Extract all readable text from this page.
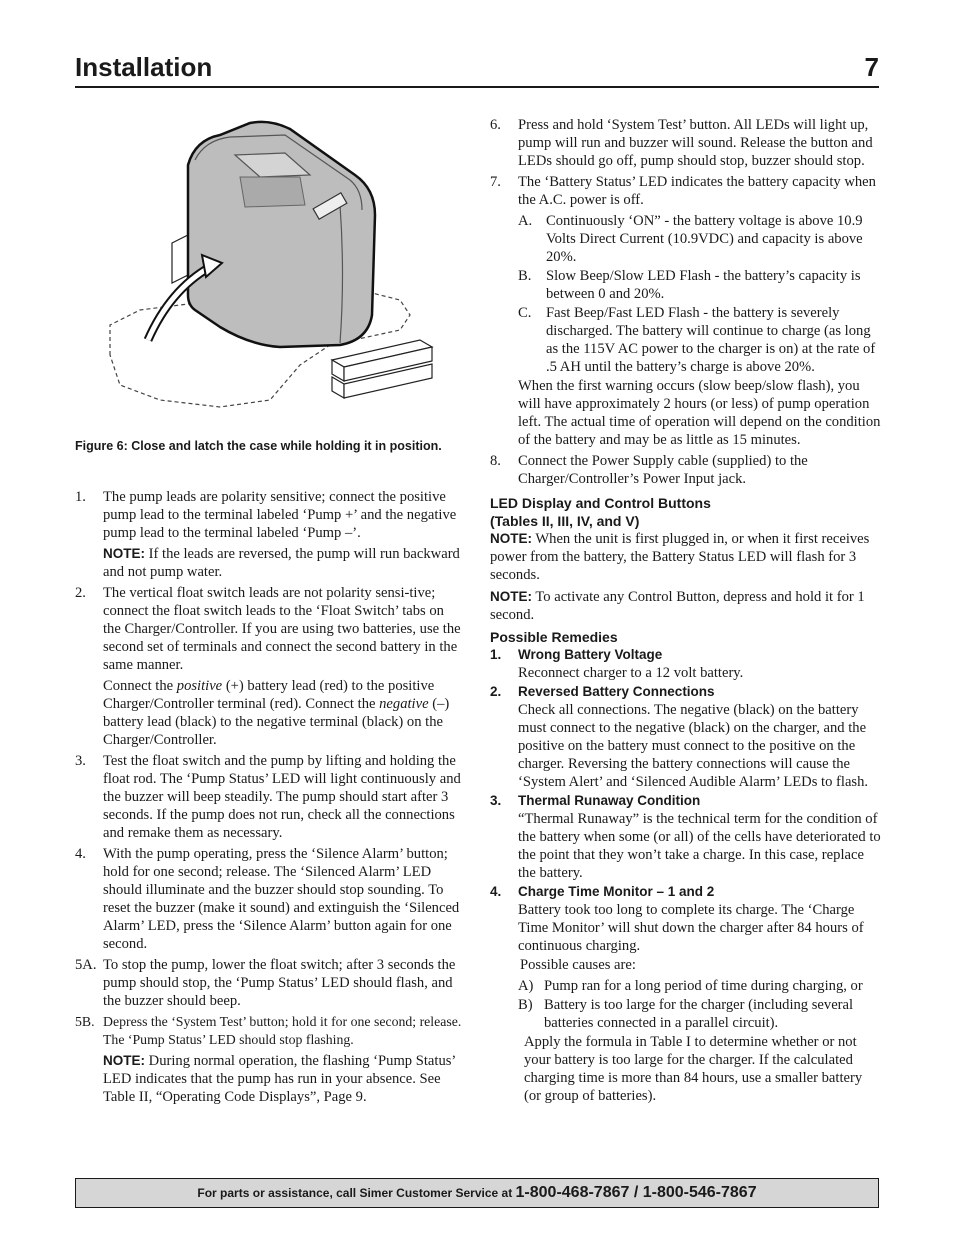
Installation	7
Figure 6: Close and latch the case while holding it in position.
1. The pump leads are polarity sensitive; connect the positive pump lead to the terminal labeled ‘Pump +’ and the negative pump lead to the terminal labeled ‘Pump –’.
NOTE: If the leads are reversed, the pump will run backward and not pump water.
2. The vertical float switch leads are not polarity sensi-tive; connect the float switch leads to the ‘Float Switch’ tabs on the Charger/Controller. If you are using two batteries, use the second set of terminals and connect the second battery in the same manner.
Connect the positive (+) battery lead (red) to the positive Charger/Controller terminal (red). Connect the negative (–) battery lead (black) to the negative terminal (black) on the Charger/Controller.
3. Test the float switch and the pump by lifting and holding the float rod. The ‘Pump Status’ LED will light continuously and the buzzer will beep steadily. The pump should start after 3 seconds. If the pump does not run, check all the connections and remake them as necessary.
4. With the pump operating, press the ‘Silence Alarm’ button; hold for one second; release. The ‘Silenced Alarm’ LED should illuminate and the buzzer should stop sounding. To reset the buzzer (make it sound) and extinguish the ‘Silenced Alarm’ LED, press the ‘Silence Alarm’ button again for one second.
5A. To stop the pump, lower the float switch; after 3 seconds the pump should stop, the ‘Pump Status’ LED should flash, and the buzzer should beep.
5B. Depress the ‘System Test’ button; hold it for one second; release. The ‘Pump Status’ LED should stop flashing.
NOTE: During normal operation, the flashing ‘Pump Status’ LED indicates that the pump has run in your absence. See Table II, “Operating Code Displays”, Page 9.
6. Press and hold ‘System Test’ button. All LEDs will light up, pump will run and buzzer will sound. Release the button and LEDs should go off, pump should stop, buzzer should stop.
7. The ‘Battery Status’ LED indicates the battery capacity when the A.C. power is off.
A. Continuously ‘ON” - the battery voltage is above 10.9 Volts Direct Current (10.9VDC) and capacity is above 20%.
B. Slow Beep/Slow LED Flash - the battery’s capacity is between 0 and 20%.
C. Fast Beep/Fast LED Flash - the battery is severely discharged. The battery will continue to charge (as long as the 115V AC power to the charger is on) at the rate of .5 AH until the battery’s charge is above 20%.
When the first warning occurs (slow beep/slow flash), you will have approximately 2 hours (or less) of pump operation left. The actual time of operation will depend on the condition of the battery and may be as little as 15 minutes.
8. Connect the Power Supply cable (supplied) to the Charger/Controller’s Power Input jack.
LED Display and Control Buttons
(Tables II, III, IV, and V)
NOTE: When the unit is first plugged in, or when it first receives power from the battery, the Battery Status LED will flash for 3 seconds.
NOTE: To activate any Control Button, depress and hold it for 1 second.
Possible Remedies
1. Wrong Battery Voltage
Reconnect charger to a 12 volt battery.
2. Reversed Battery Connections
Check all connections. The negative (black) on the battery must connect to the negative (black) on the charger, and the positive on the battery must connect to the positive on the charger. Reversing the battery connections will cause the ‘System Alert’ and ‘Silenced Audible Alarm’ LEDs to flash.
3. Thermal Runaway Condition
“Thermal Runaway” is the technical term for the condition of the battery when some (or all) of the cells have deteriorated to the point that they won’t take a charge. In this case, replace the battery.
4. Charge Time Monitor – 1 and 2
Battery took too long to complete its charge. The ‘Charge Time Monitor’ will shut down the charger after 84 hours of continuous charging.
Possible causes are:
A) Pump ran for a long period of time during charging, or
B) Battery is too large for the charger (including several batteries connected in a parallel circuit).
Apply the formula in Table I to determine whether or not your battery is too large for the charger. If the calculated charging time is more than 84 hours, use a smaller battery (or group of batteries).
For parts or assistance, call Simer Customer Service at 1-800-468-7867 / 1-800-546-7867
